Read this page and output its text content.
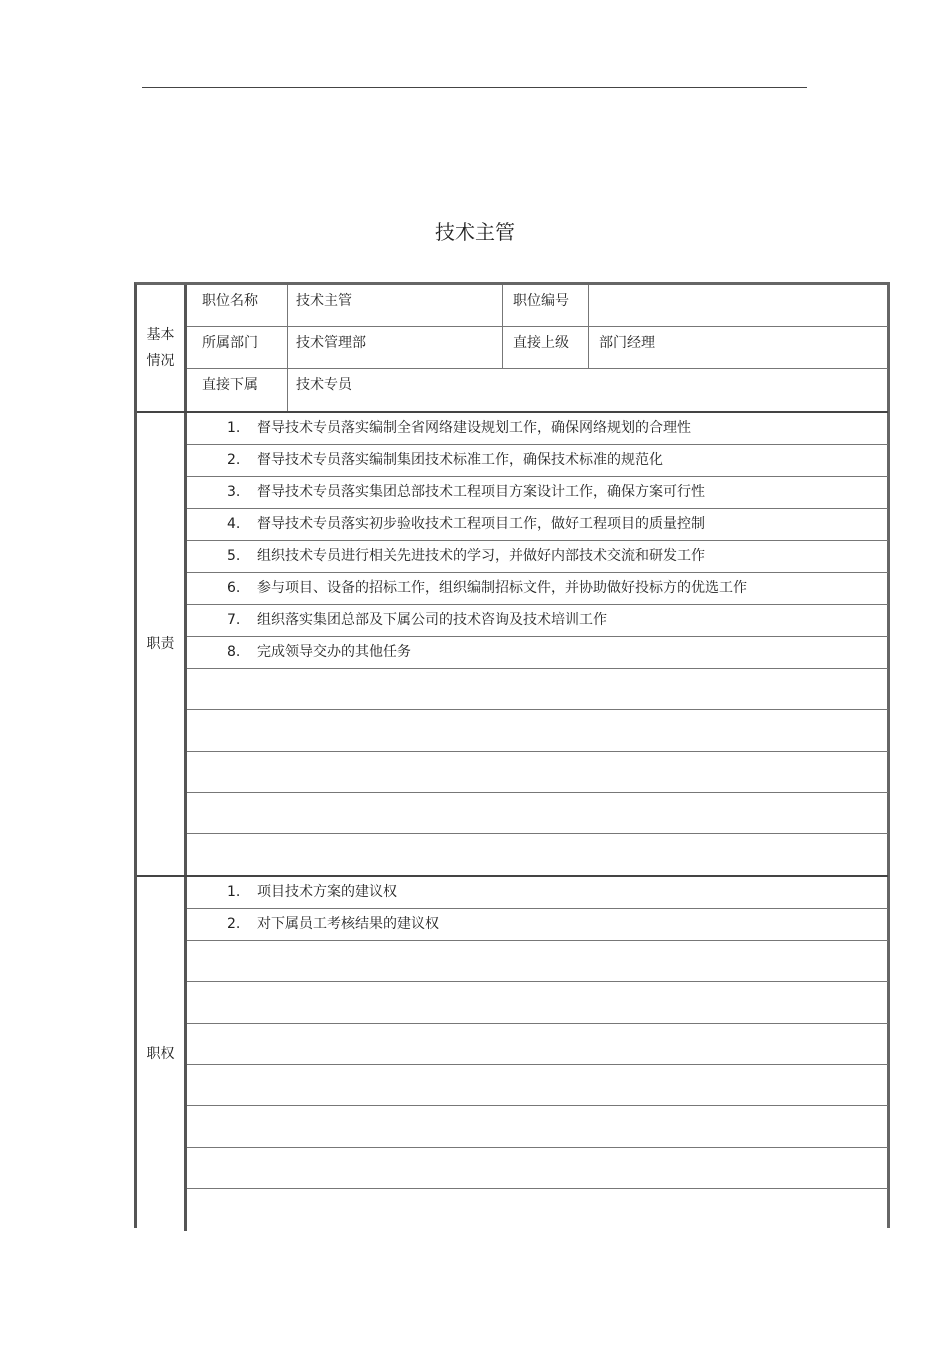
技术主管
基本
情况
职位名称	技术主管	职位编号
所属部门	技术管理部	直接上级	部门经理
直接下属	技术专员
职责
1. 督导技术专员落实编制全省网络建设规划工作，确保网络规划的合理性
2. 督导技术专员落实编制集团技术标准工作，确保技术标准的规范化
3. 督导技术专员落实集团总部技术工程项目方案设计工作，确保方案可行性
4. 督导技术专员落实初步验收技术工程项目工作，做好工程项目的质量控制
5. 组织技术专员进行相关先进技术的学习，并做好内部技术交流和研发工作
6. 参与项目、设备的招标工作，组织编制招标文件，并协助做好投标方的优选工作
7. 组织落实集团总部及下属公司的技术咨询及技术培训工作
8. 完成领导交办的其他任务
职权
1. 项目技术方案的建议权
2. 对下属员工考核结果的建议权
